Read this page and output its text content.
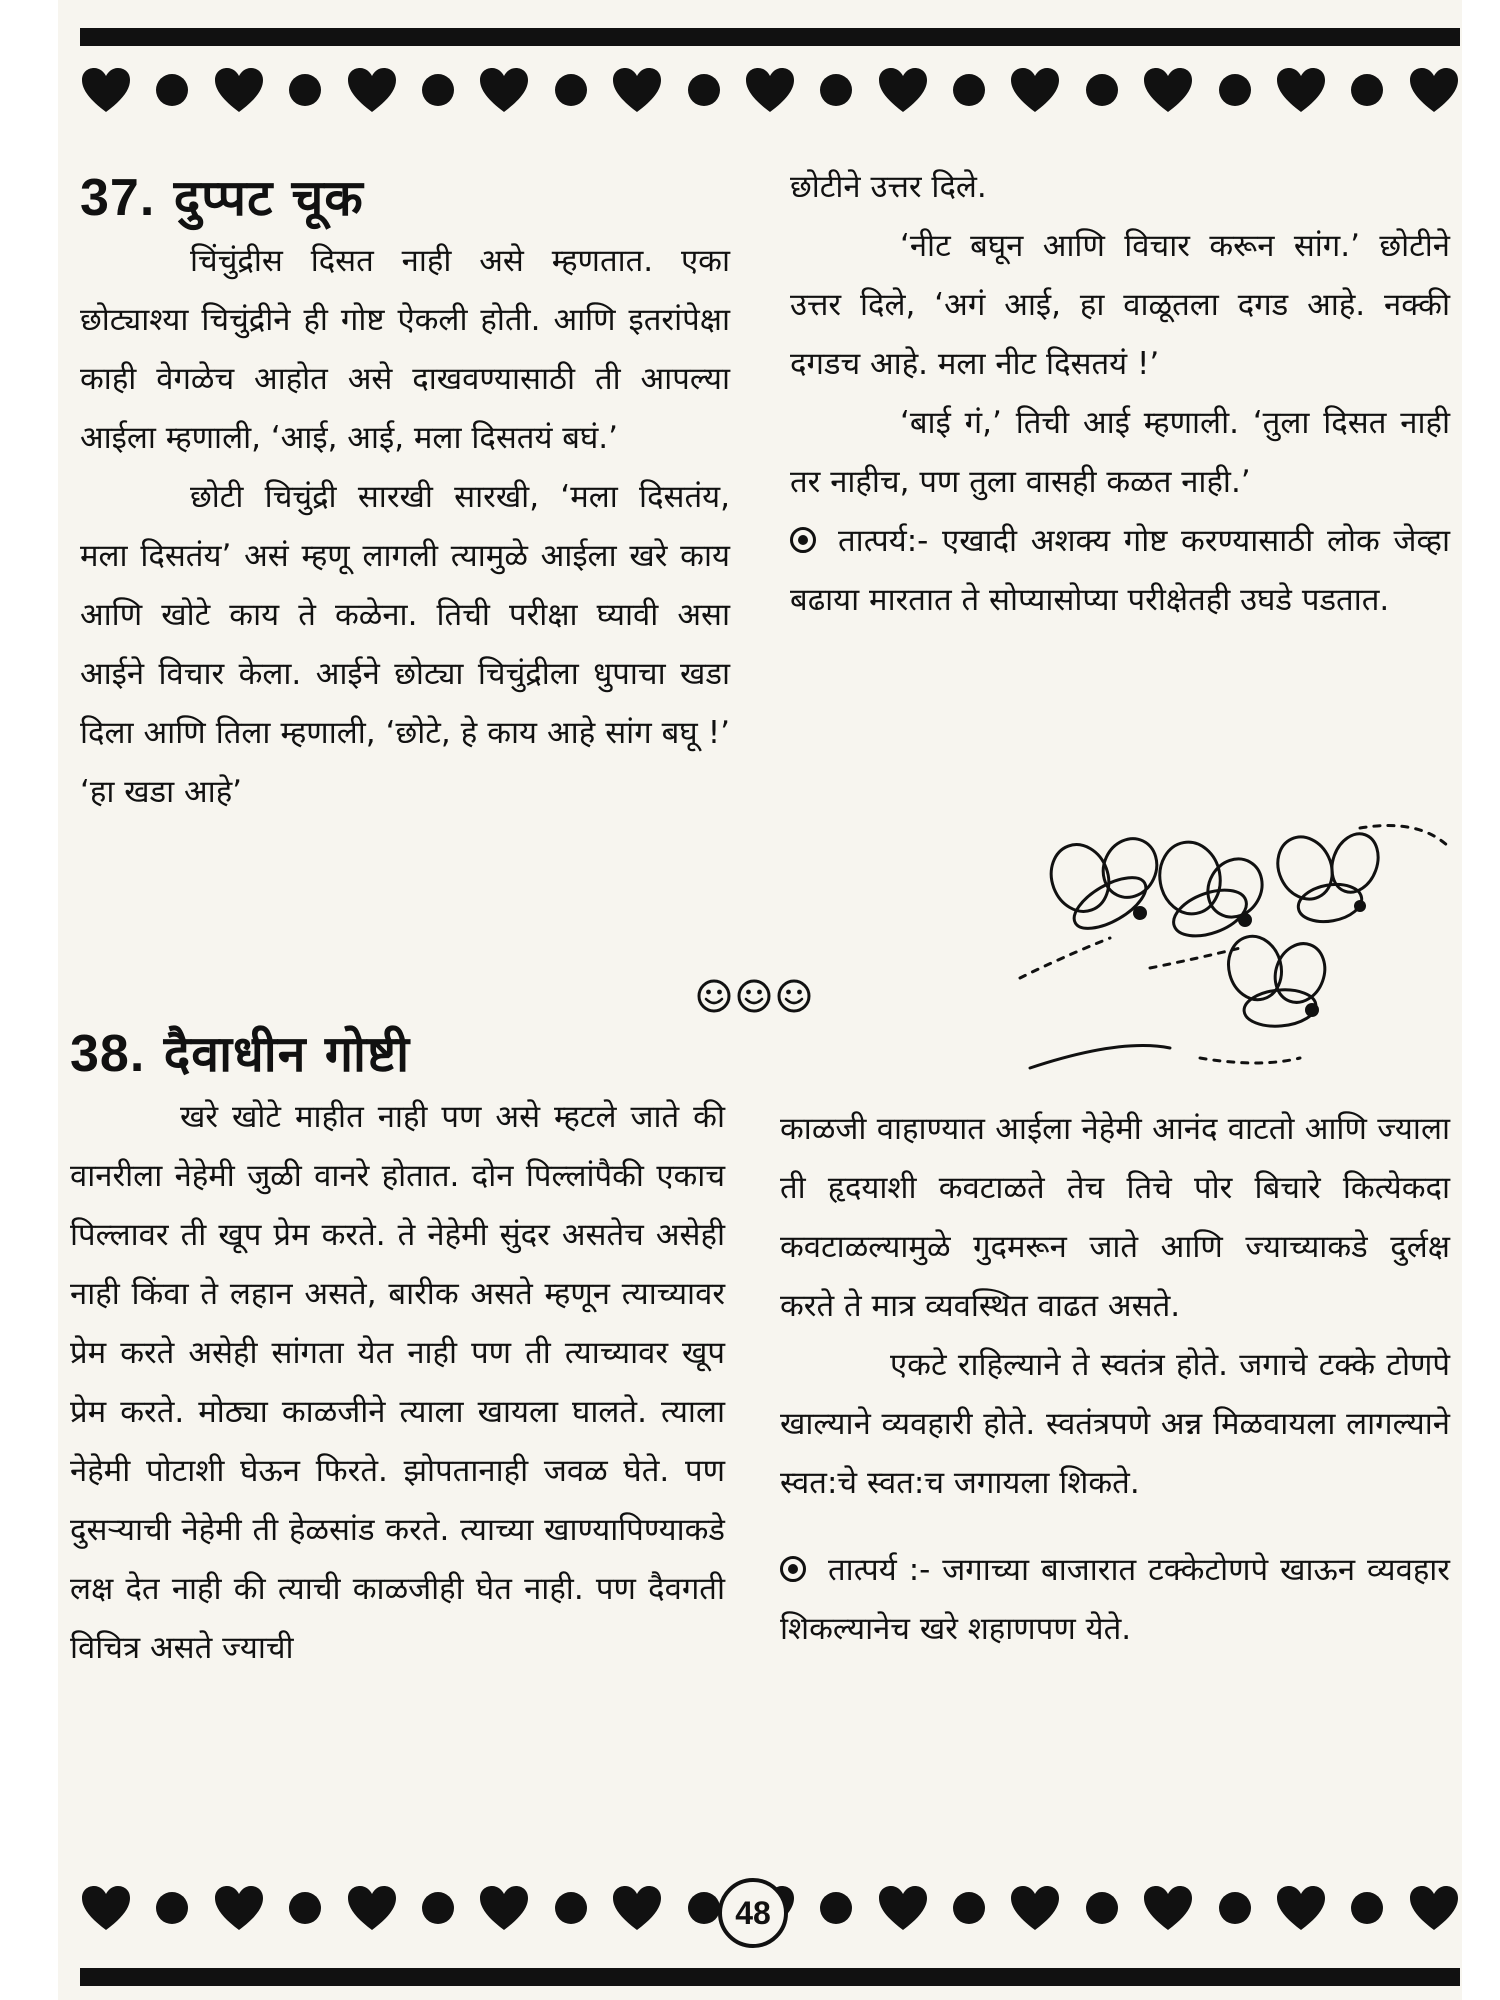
37. दुप्पट चूक

चिंचुंद्रीस दिसत नाही असे म्हणतात. एका छोट्याश्या चिचुंद्रीने ही गोष्ट ऐकली होती. आणि इतरांपेक्षा काही वेगळेच आहोत असे दाखवण्यासाठी ती आपल्या आईला म्हणाली, ‘आई, आई, मला दिसतयं बघं.’

छोटी चिचुंद्री सारखी सारखी, ‘मला दिसतंय, मला दिसतंय’ असं म्हणू लागली त्यामुळे आईला खरे काय आणि खोटे काय ते कळेना. तिची परीक्षा घ्यावी असा आईने विचार केला. आईने छोट्या चिचुंद्रीला धुपाचा खडा दिला आणि तिला म्हणाली, ‘छोटे, हे काय आहे सांग बघू !’ ‘हा खडा आहे’

छोटीने उत्तर दिले.

‘नीट बघून आणि विचार करून सांग.’ छोटीने उत्तर दिले, ‘अगं आई, हा वाळूतला दगड आहे. नक्की दगडच आहे. मला नीट दिसतयं !’

‘बाई गं,’ तिची आई म्हणाली. ‘तुला दिसत नाही तर नाहीच, पण तुला वासही कळत नाही.’

तात्पर्य:- एखादी अशक्य गोष्ट करण्यासाठी लोक जेव्हा बढाया मारतात ते सोप्यासोप्या परीक्षेतही उघडे पडतात.

38. दैवाधीन गोष्टी

खरे खोटे माहीत नाही पण असे म्हटले जाते की वानरीला नेहेमी जुळी वानरे होतात. दोन पिल्लांपैकी एकाच पिल्लावर ती खूप प्रेम करते. ते नेहेमी सुंदर असतेच असेही नाही किंवा ते लहान असते, बारीक असते म्हणून त्याच्यावर प्रेम करते असेही सांगता येत नाही पण ती त्याच्यावर खूप प्रेम करते. मोठ्या काळजीने त्याला खायला घालते. त्याला नेहेमी पोटाशी घेऊन फिरते. झोपतानाही जवळ घेते. पण दुसऱ्याची नेहेमी ती हेळसांड करते. त्याच्या खाण्यापिण्याकडे लक्ष देत नाही की त्याची काळजीही घेत नाही. पण दैवगती विचित्र असते ज्याची

काळजी वाहाण्यात आईला नेहेमी आनंद वाटतो आणि ज्याला ती हृदयाशी कवटाळते तेच तिचे पोर बिचारे कित्येकदा कवटाळल्यामुळे गुदमरून जाते आणि ज्याच्याकडे दुर्लक्ष करते ते मात्र व्यवस्थित वाढत असते.

एकटे राहिल्याने ते स्वतंत्र होते. जगाचे टक्के टोणपे खाल्याने व्यवहारी होते. स्वतंत्रपणे अन्न मिळवायला लागल्याने स्वत:चे स्वत:च जगायला शिकते.

तात्पर्य :- जगाच्या बाजारात टक्केटोणपे खाऊन व्यवहार शिकल्यानेच खरे शहाणपण येते.

48
